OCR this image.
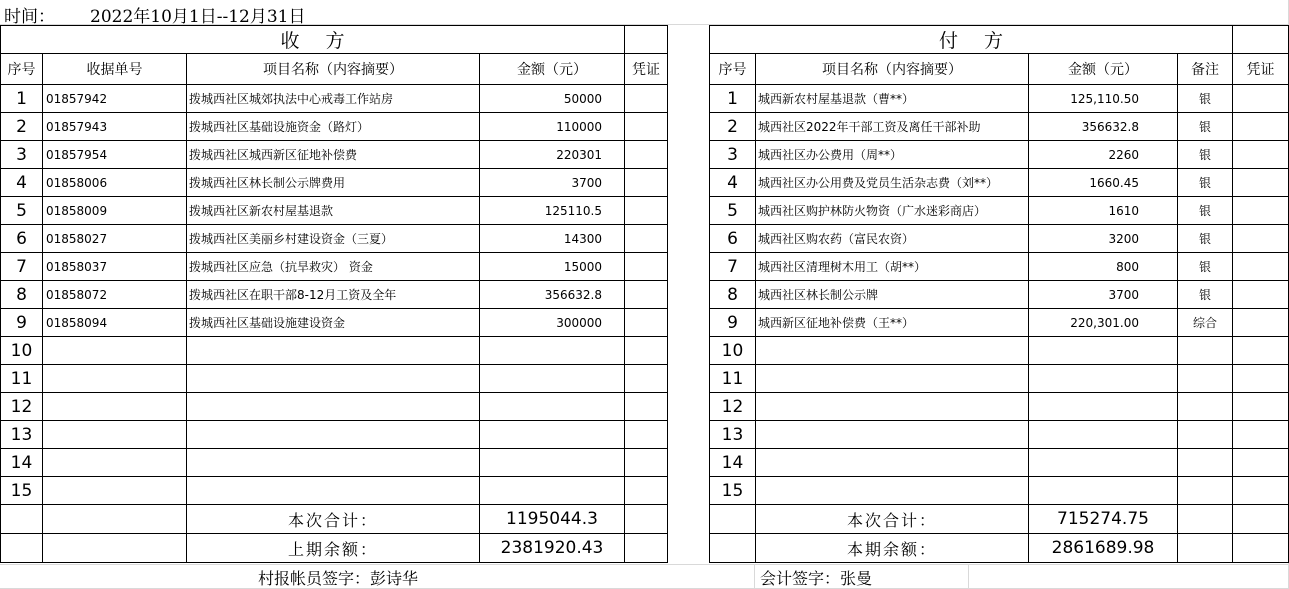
时间： 2022年10月1日--12月31日
收方				
序号	收据单号	项目名称（内容摘要）	金额（元）	凭证
1	01857942	拨城西社区城郊执法中心戒毒工作站房	50000	
2	01857943	拨城西社区基础设施资金（路灯）	110000	
3	01857954	拨城西社区城西新区征地补偿费	220301	
4	01858006	拨城西社区林长制公示牌费用	3700	
5	01858009	拨城西社区新农村屋基退款	125110.5	
6	01858027	拨城西社区美丽乡村建设资金（三夏）	14300	
7	01858037	拨城西社区应急（抗旱救灾） 资金	15000	
8	01858072	拨城西社区在职干部8-12月工资及全年	356632.8	
9	01858094	拨城西社区基础设施建设资金	300000	
10				
11				
12				
13				
14				
15				
		本次合计：	1195044.3	
		上期余额：	2381920.43	
付方				
序号	项目名称（内容摘要）	金额（元）	备注	凭证
1	城西新农村屋基退款（曹**）	125,110.50	银	
2	城西社区2022年干部工资及离任干部补助	356632.8	银	
3	城西社区办公费用（周**）	2260	银	
4	城西社区办公用费及党员生活杂志费（刘**）	1660.45	银	
5	城西社区购护林防火物资（广水迷彩商店）	1610	银	
6	城西社区购农药（富民农资）	3200	银	
7	城西社区清理树木用工（胡**）	800	银	
8	城西社区林长制公示牌	3700	银	
9	城西新区征地补偿费（王**）	220,301.00	综合	
10				
11				
12				
13				
14				
15				
	本次合计：	715274.75		
	本期余额：	2861689.98		
村报帐员签字：彭诗华	会计签字：张曼
